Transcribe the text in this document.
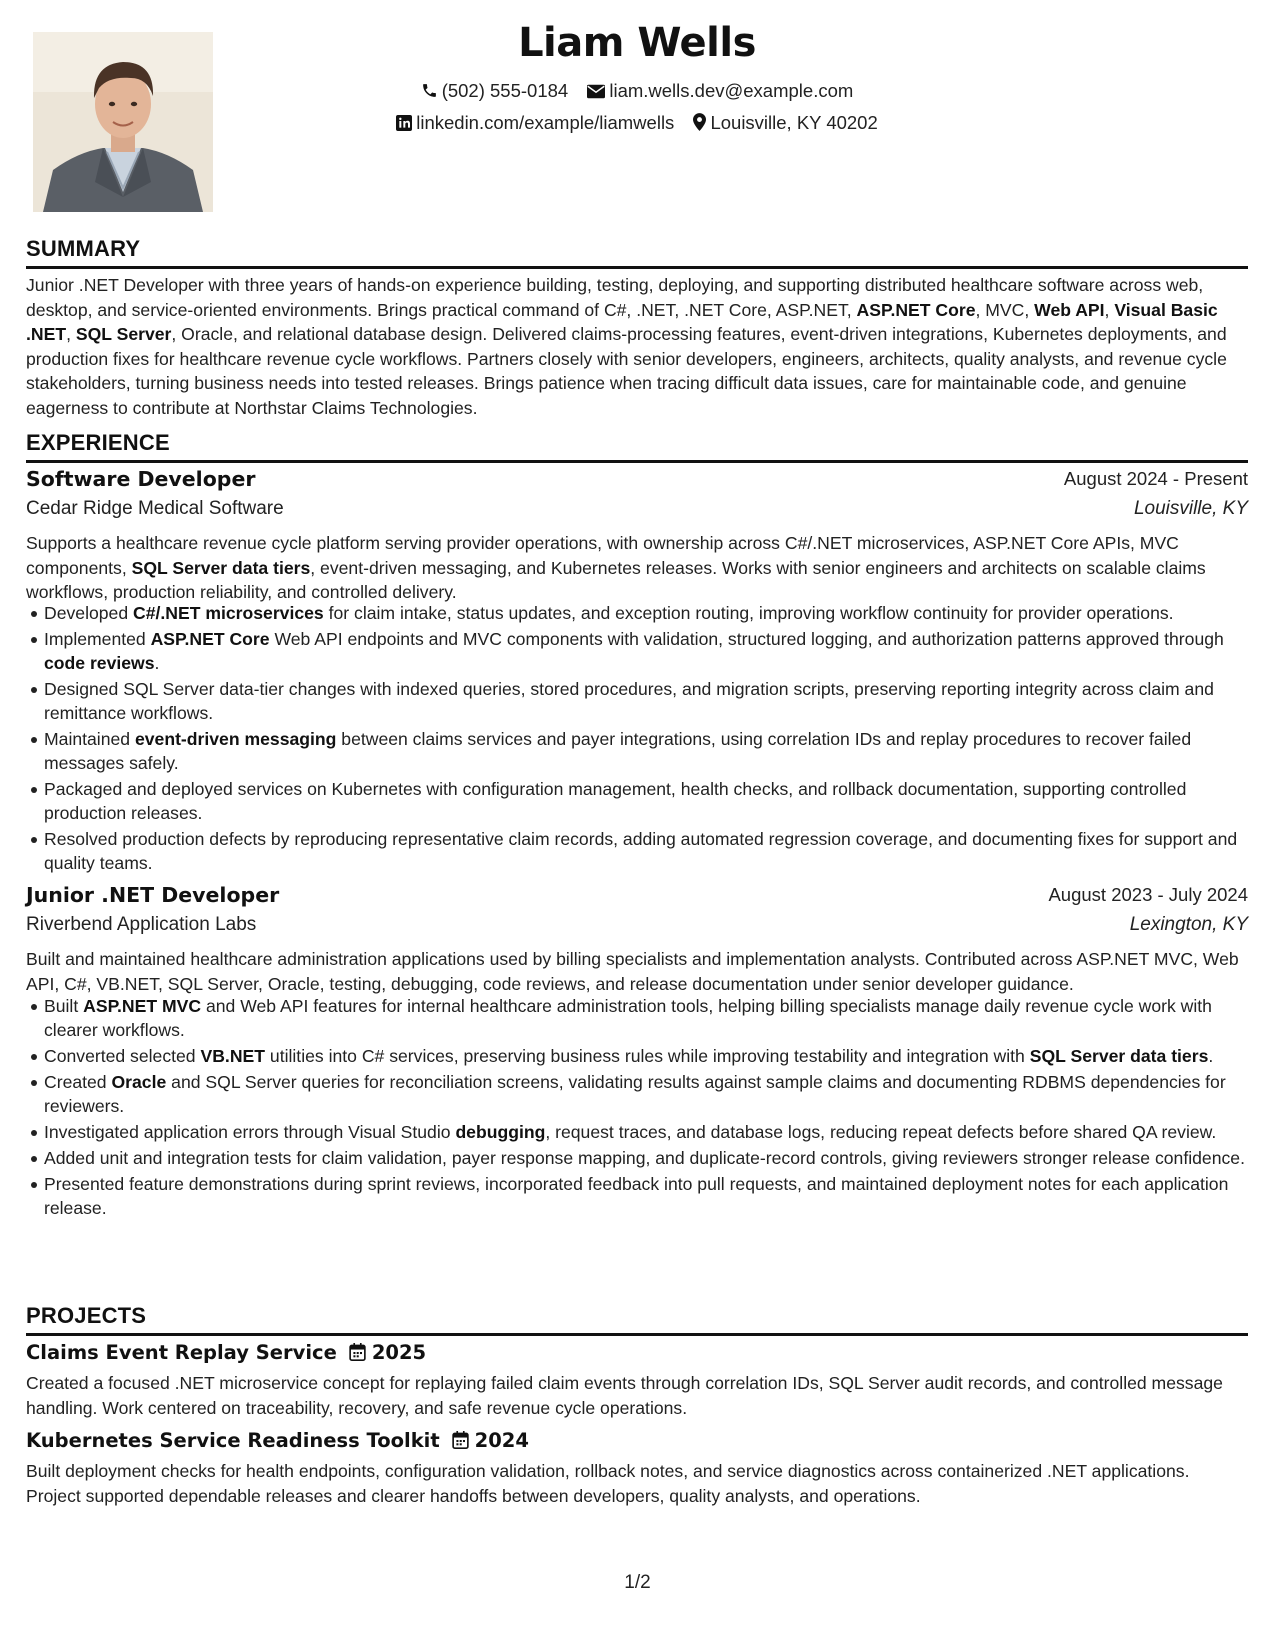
Liam Wells
(502) 555-0184 liam.wells.dev@example.com
linkedin.com/example/liamwells Louisville, KY 40202
SUMMARY
Junior .NET Developer with three years of hands-on experience building, testing, deploying, and supporting distributed healthcare software across web, desktop, and service-oriented environments. Brings practical command of C#, .NET, .NET Core, ASP.NET, ASP.NET Core, MVC, Web API, Visual Basic .NET, SQL Server, Oracle, and relational database design. Delivered claims-processing features, event-driven integrations, Kubernetes deployments, and production fixes for healthcare revenue cycle workflows. Partners closely with senior developers, engineers, architects, quality analysts, and revenue cycle stakeholders, turning business needs into tested releases. Brings patience when tracing difficult data issues, care for maintainable code, and genuine eagerness to contribute at Northstar Claims Technologies.
EXPERIENCE
Software Developer	August 2024 - Present
Cedar Ridge Medical Software	Louisville, KY
Supports a healthcare revenue cycle platform serving provider operations, with ownership across C#/.NET microservices, ASP.NET Core APIs, MVC components, SQL Server data tiers, event-driven messaging, and Kubernetes releases. Works with senior engineers and architects on scalable claims workflows, production reliability, and controlled delivery.
Developed C#/.NET microservices for claim intake, status updates, and exception routing, improving workflow continuity for provider operations.
Implemented ASP.NET Core Web API endpoints and MVC components with validation, structured logging, and authorization patterns approved through code reviews.
Designed SQL Server data-tier changes with indexed queries, stored procedures, and migration scripts, preserving reporting integrity across claim and remittance workflows.
Maintained event-driven messaging between claims services and payer integrations, using correlation IDs and replay procedures to recover failed messages safely.
Packaged and deployed services on Kubernetes with configuration management, health checks, and rollback documentation, supporting controlled production releases.
Resolved production defects by reproducing representative claim records, adding automated regression coverage, and documenting fixes for support and quality teams.
Junior .NET Developer	August 2023 - July 2024
Riverbend Application Labs	Lexington, KY
Built and maintained healthcare administration applications used by billing specialists and implementation analysts. Contributed across ASP.NET MVC, Web API, C#, VB.NET, SQL Server, Oracle, testing, debugging, code reviews, and release documentation under senior developer guidance.
Built ASP.NET MVC and Web API features for internal healthcare administration tools, helping billing specialists manage daily revenue cycle work with clearer workflows.
Converted selected VB.NET utilities into C# services, preserving business rules while improving testability and integration with SQL Server data tiers.
Created Oracle and SQL Server queries for reconciliation screens, validating results against sample claims and documenting RDBMS dependencies for reviewers.
Investigated application errors through Visual Studio debugging, request traces, and database logs, reducing repeat defects before shared QA review.
Added unit and integration tests for claim validation, payer response mapping, and duplicate-record controls, giving reviewers stronger release confidence.
Presented feature demonstrations during sprint reviews, incorporated feedback into pull requests, and maintained deployment notes for each application release.
PROJECTS
Claims Event Replay Service 2025
Created a focused .NET microservice concept for replaying failed claim events through correlation IDs, SQL Server audit records, and controlled message handling. Work centered on traceability, recovery, and safe revenue cycle operations.
Kubernetes Service Readiness Toolkit 2024
Built deployment checks for health endpoints, configuration validation, rollback notes, and service diagnostics across containerized .NET applications. Project supported dependable releases and clearer handoffs between developers, quality analysts, and operations.
1/2
